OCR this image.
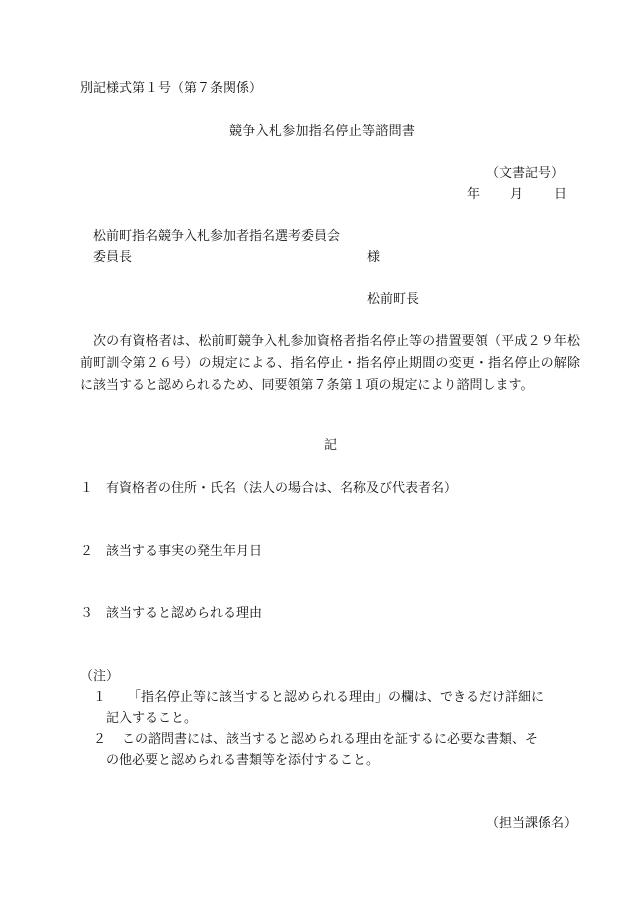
別記様式第１号（第７条関係）
競争入札参加指名停止等諮問書
（文書記号）
年 月 日
松前町指名競争入札参加者指名選考委員会
委員長	様
松前町長
次の有資格者は、松前町競争入札参加資格者指名停止等の措置要領（平成２９年松前町訓令第２６号）の規定による、指名停止・指名停止期間の変更・指名停止の解除に該当すると認められるため、同要領第７条第１項の規定により諮問します。
記
１ 有資格者の住所・氏名（法人の場合は、名称及び代表者名）
２ 該当する事実の発生年月日
３ 該当すると認められる理由
（注）
１ 「指名停止等に該当すると認められる理由」の欄は、できるだけ詳細に
記入すること。
２ この諮問書には、該当すると認められる理由を証するに必要な書類、そ
の他必要と認められる書類等を添付すること。
（担当課係名）
